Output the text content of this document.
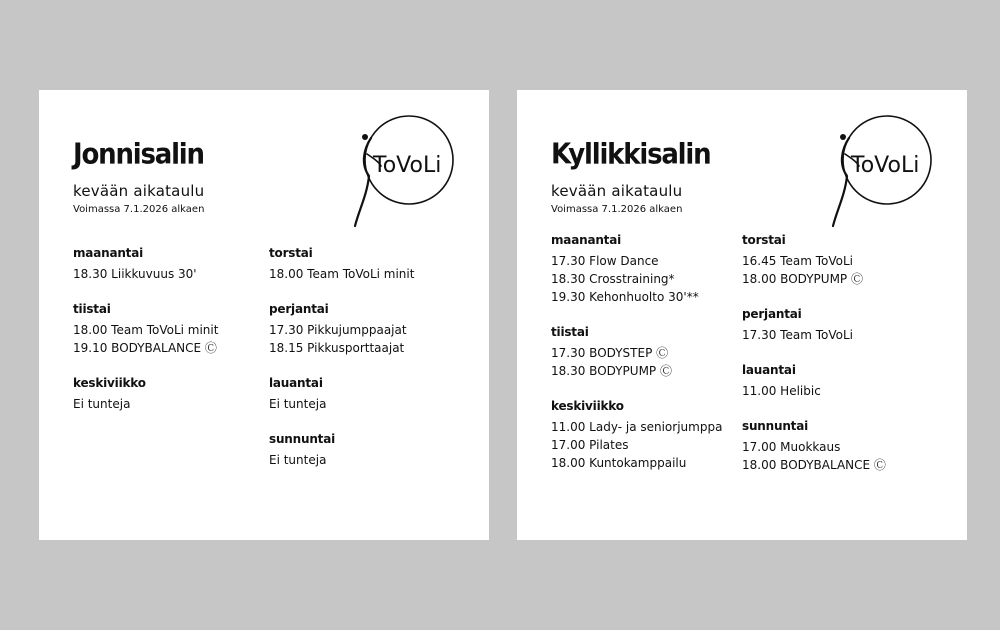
Jonnisalin
kevään aikataulu
Voimassa 7.1.2026 alkaen
ToVoLi
maanantai
18.30 Liikkuvuus 30'
tiistai
18.00 Team ToVoLi minit
19.10 BODYBALANCE Ⓒ
keskiviikko
Ei tunteja
torstai
18.00 Team ToVoLi minit
perjantai
17.30 Pikkujumppaajat
18.15 Pikkusporttaajat
lauantai
Ei tunteja
sunnuntai
Ei tunteja
Kyllikkisalin
kevään aikataulu
Voimassa 7.1.2026 alkaen
ToVoLi
maanantai
17.30 Flow Dance
18.30 Crosstraining*
19.30 Kehonhuolto 30'**
tiistai
17.30 BODYSTEP Ⓒ
18.30 BODYPUMP Ⓒ
keskiviikko
11.00 Lady- ja seniorjumppa
17.00 Pilates
18.00 Kuntokamppailu
torstai
16.45 Team ToVoLi
18.00 BODYPUMP Ⓒ
perjantai
17.30 Team ToVoLi
lauantai
11.00 Helibic
sunnuntai
17.00 Muokkaus
18.00 BODYBALANCE Ⓒ
